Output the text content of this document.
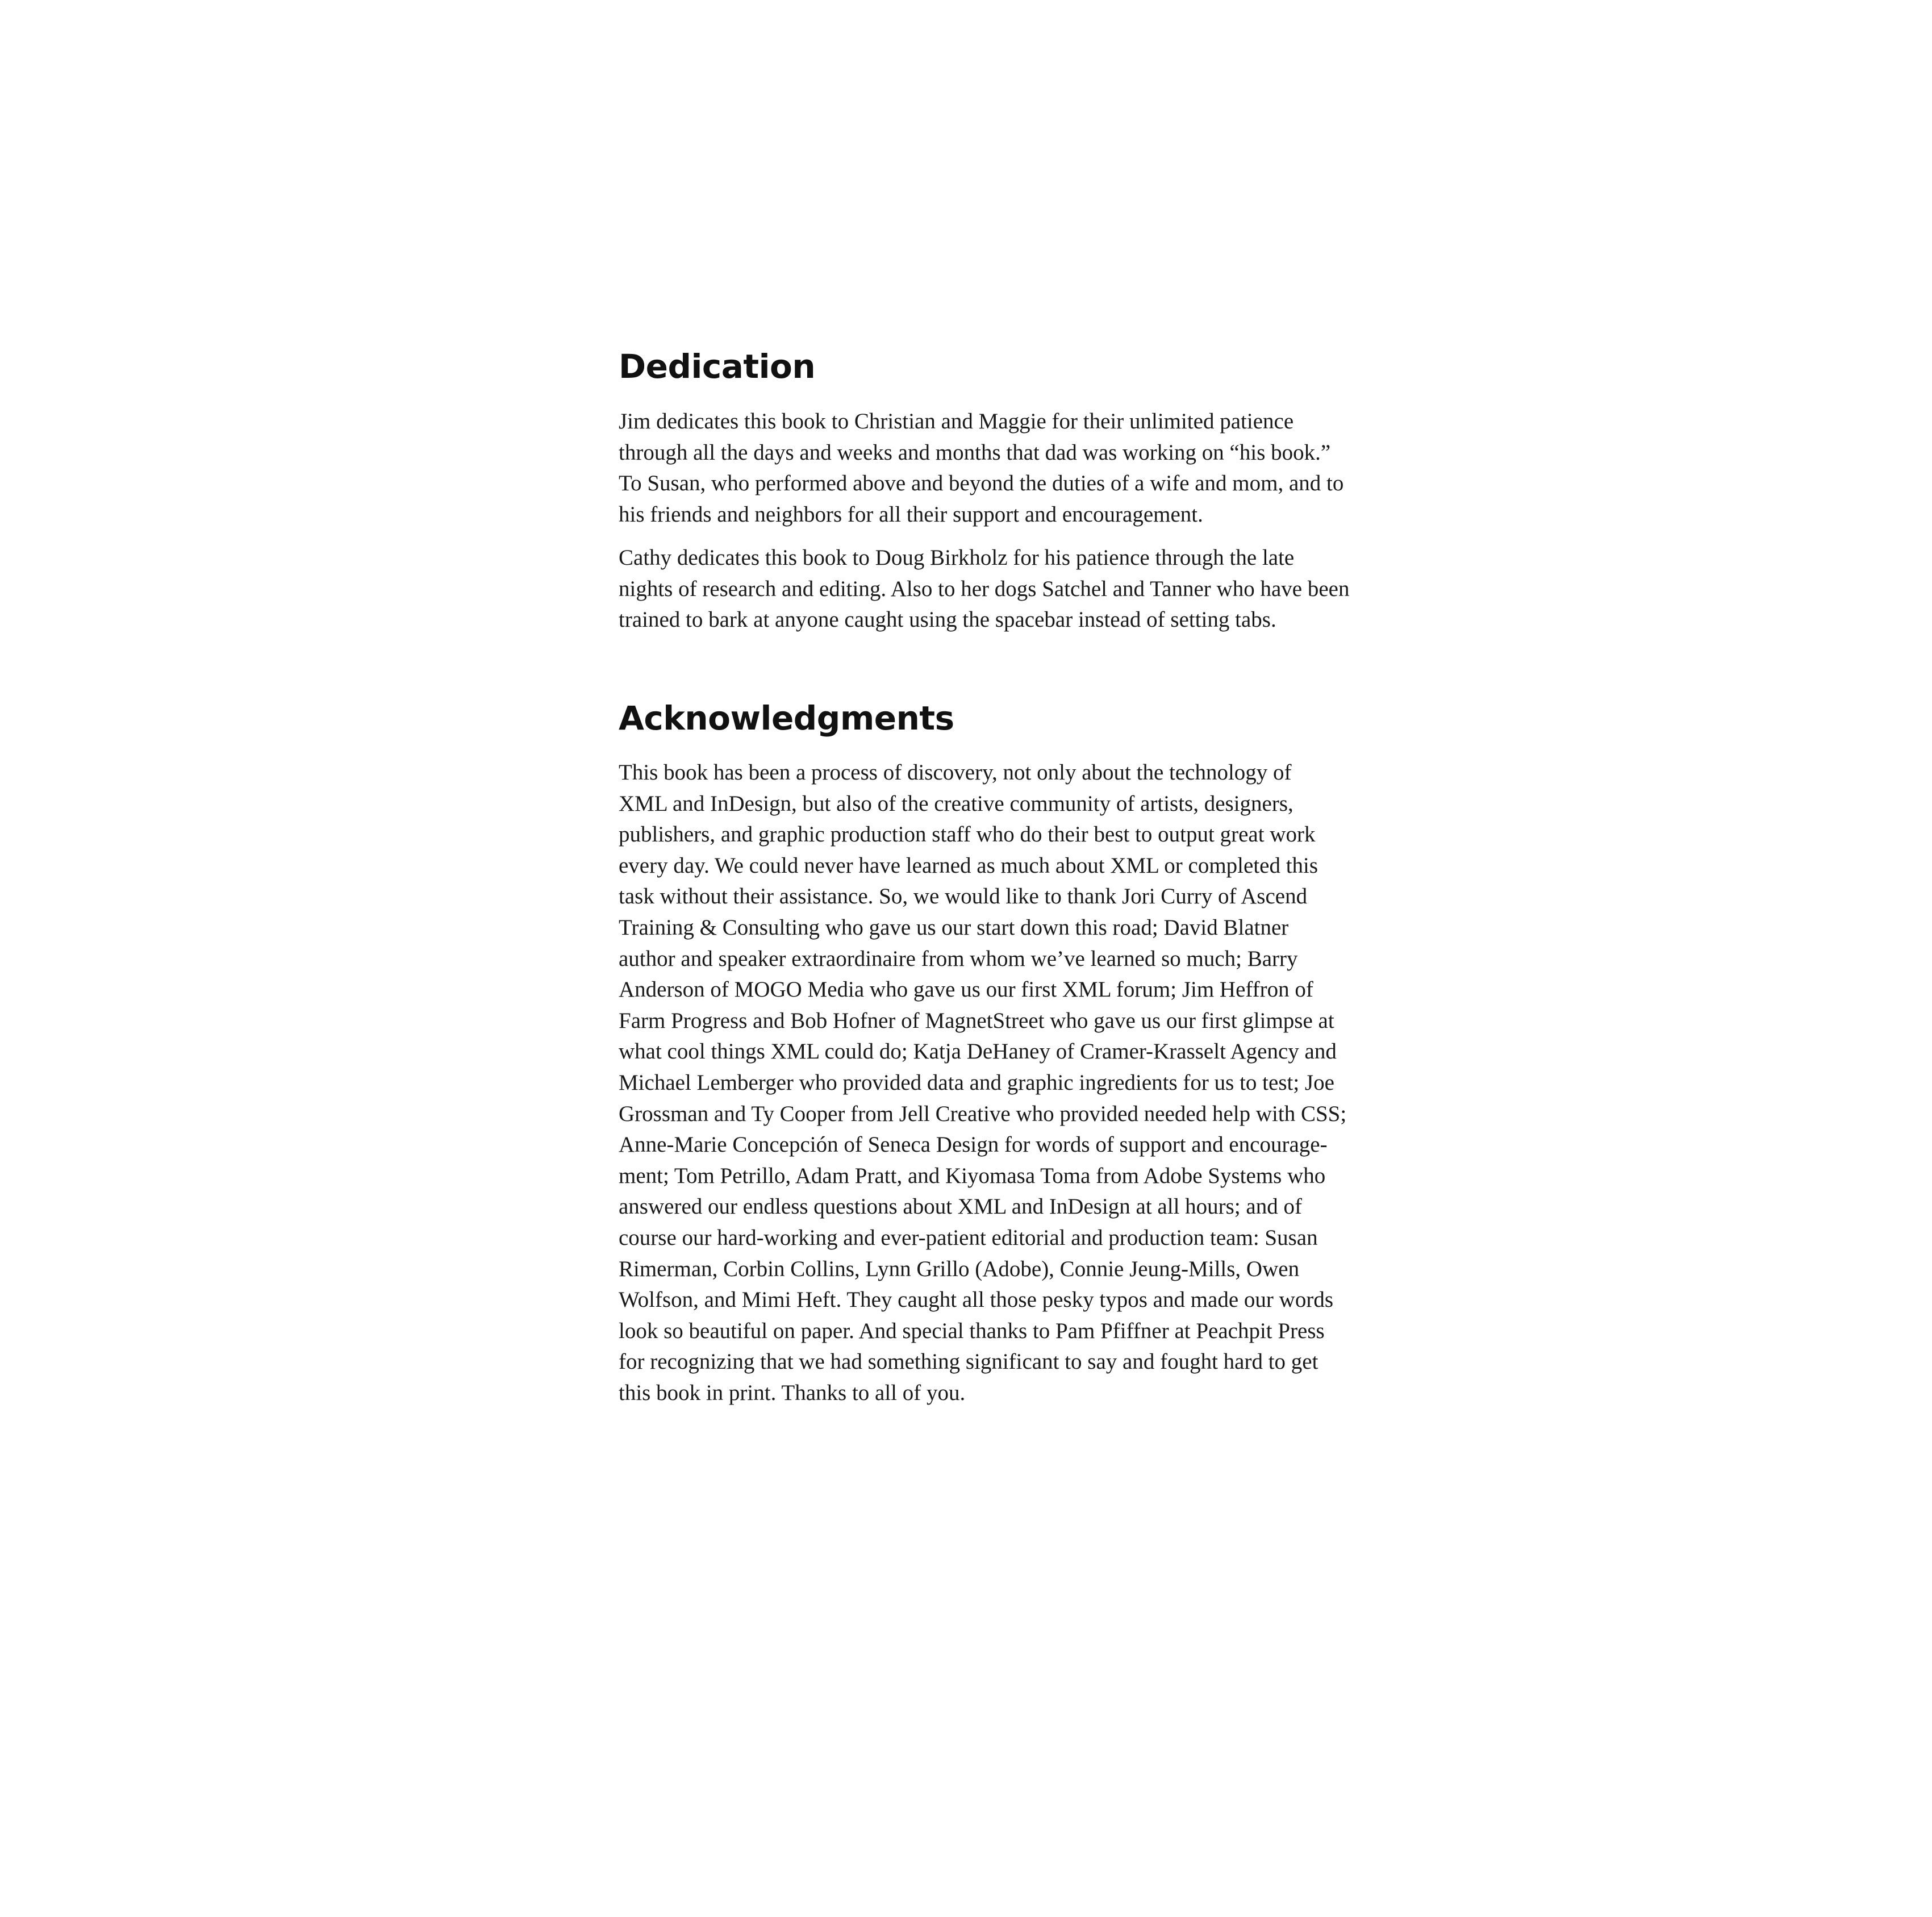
Dedication

Jim dedicates this book to Christian and Maggie for their unlimited patience
through all the days and weeks and months that dad was working on “his book.”
To Susan, who performed above and beyond the duties of a wife and mom, and to
his friends and neighbors for all their support and encouragement.

Cathy dedicates this book to Doug Birkholz for his patience through the late
nights of research and editing. Also to her dogs Satchel and Tanner who have been
trained to bark at anyone caught using the spacebar instead of setting tabs.

Acknowledgments

This book has been a process of discovery, not only about the technology of
XML and InDesign, but also of the creative community of artists, designers,
publishers, and graphic production staff who do their best to output great work
every day. We could never have learned as much about XML or completed this
task without their assistance. So, we would like to thank Jori Curry of Ascend
Training & Consulting who gave us our start down this road; David Blatner
author and speaker extraordinaire from whom we’ve learned so much; Barry
Anderson of MOGO Media who gave us our first XML forum; Jim Heffron of
Farm Progress and Bob Hofner of MagnetStreet who gave us our first glimpse at
what cool things XML could do; Katja DeHaney of Cramer-Krasselt Agency and
Michael Lemberger who provided data and graphic ingredients for us to test; Joe
Grossman and Ty Cooper from Jell Creative who provided needed help with CSS;
Anne-Marie Concepción of Seneca Design for words of support and encourage-
ment; Tom Petrillo, Adam Pratt, and Kiyomasa Toma from Adobe Systems who
answered our endless questions about XML and InDesign at all hours; and of
course our hard-working and ever-patient editorial and production team: Susan
Rimerman, Corbin Collins, Lynn Grillo (Adobe), Connie Jeung-Mills, Owen
Wolfson, and Mimi Heft. They caught all those pesky typos and made our words
look so beautiful on paper. And special thanks to Pam Pfiffner at Peachpit Press
for recognizing that we had something significant to say and fought hard to get
this book in print. Thanks to all of you.
